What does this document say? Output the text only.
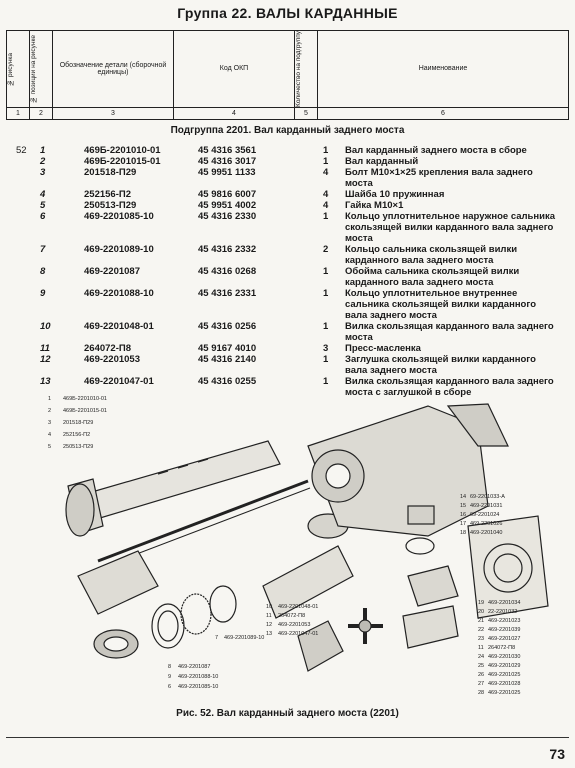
Группа 22. ВАЛЫ КАРДАННЫЕ
№ рисунка	№ позиции на рисунке	Обозначение детали (сборочной единицы)	Код ОКП	Количество на подгруппу	Наименование
1	2	3	4	5	6
Подгруппа 2201. Вал карданный заднего моста
52 1	469Б-2201010-01	45 4316 3561	1 Вал карданный заднего моста в сборе
2	469Б-2201015-01	45 4316 3017	1 Вал карданный
3	201518-П29	45 9951 1133	4 Болт М10×1×25 крепления вала заднего моста
4	252156-П2	45 9816 6007	4 Шайба 10 пружинная
5	250513-П29	45 9951 4002	4 Гайка М10×1
6	469-2201085-10	45 4316 2330	1 Кольцо уплотнительное наружное сальника скользящей вилки карданного вала заднего моста
7	469-2201089-10	45 4316 2332	2 Кольцо сальника скользящей вилки карданного вала заднего моста
8	469-2201087	45 4316 0268	1 Обойма сальника скользящей вилки карданного вала заднего моста
9	469-2201088-10	45 4316 2331	1 Кольцо уплотнительное внутреннее сальника скользящей вилки карданного вала заднего моста
10	469-2201048-01	45 4316 0256	1 Вилка скользящая карданного вала заднего моста
11	264072-П8	45 9167 4010	3 Пресс-масленка
12	469-2201053	45 4316 2140	1 Заглушка скользящей вилки карданного вала заднего моста
13	469-2201047-01	45 4316 0255	1 Вилка скользящая карданного вала заднего моста с заглушкой в сборе
1 469Б-2201010-01
2 469Б-2201015-01
3 201518-П29
4 252156-П2
5 250513-П29
10 469-2201048-01
11 264072-П8
12 469-2201053
13 469-2201047-01
7 469-2201089-10
8 469-2201087
9 469-2201088-10
6 469-2201085-10
14 69-2201033-А
15 469-2201031
16 69-2201024
17 469-2201026
18 469-2201040
19 469-2201034
20 22-2201032
21 469-2201023
22 469-2201039
23 469-2201027
11 264072-П8
24 469-2201030
25 469-2201029
26 469-2201025
27 469-2201028
28 469-2201025
Рис. 52. Вал карданный заднего моста (2201)
73
